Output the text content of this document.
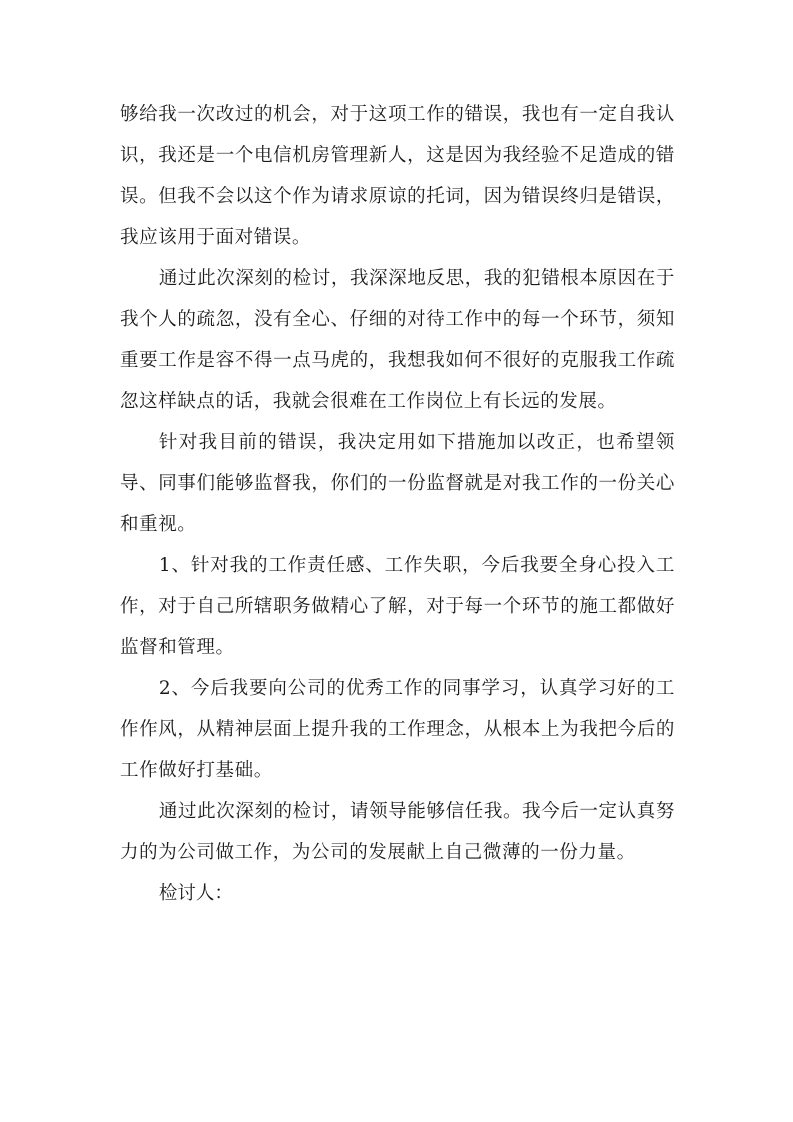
够给我一次改过的机会，对于这项工作的错误，我也有一定自我认识，我还是一个电信机房管理新人，这是因为我经验不足造成的错误。但我不会以这个作为请求原谅的托词，因为错误终归是错误，我应该用于面对错误。

通过此次深刻的检讨，我深深地反思，我的犯错根本原因在于我个人的疏忽，没有全心、仔细的对待工作中的每一个环节，须知重要工作是容不得一点马虎的，我想我如何不很好的克服我工作疏忽这样缺点的话，我就会很难在工作岗位上有长远的发展。

针对我目前的错误，我决定用如下措施加以改正，也希望领导、同事们能够监督我，你们的一份监督就是对我工作的一份关心和重视。

1、针对我的工作责任感、工作失职，今后我要全身心投入工作，对于自己所辖职务做精心了解，对于每一个环节的施工都做好监督和管理。

2、今后我要向公司的优秀工作的同事学习，认真学习好的工作作风，从精神层面上提升我的工作理念，从根本上为我把今后的工作做好打基础。

通过此次深刻的检讨，请领导能够信任我。我今后一定认真努力的为公司做工作，为公司的发展献上自己微薄的一份力量。

检讨人：
